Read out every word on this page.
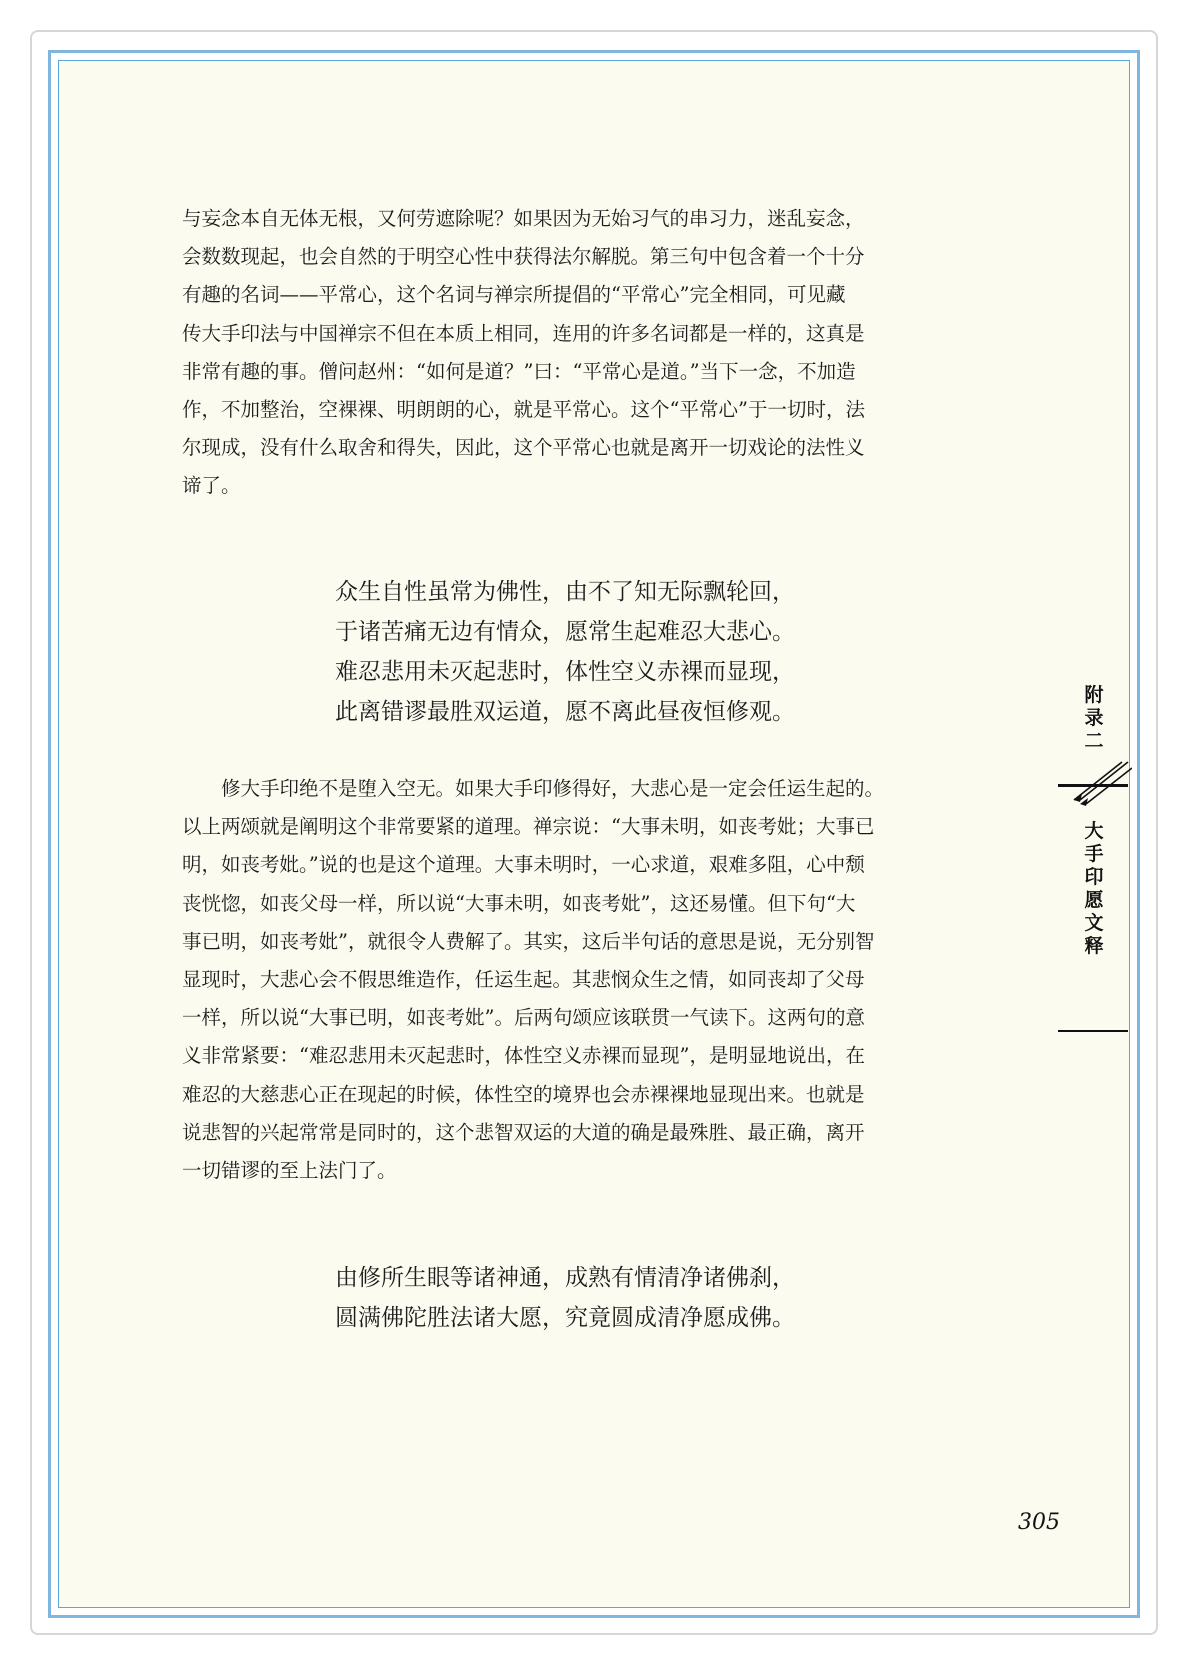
与妄念本自无体无根，又何劳遮除呢？如果因为无始习气的串习力，迷乱妄念，
会数数现起，也会自然的于明空心性中获得法尔解脱。第三句中包含着一个十分
有趣的名词——平常心，这个名词与禅宗所提倡的“平常心”完全相同，可见藏
传大手印法与中国禅宗不但在本质上相同，连用的许多名词都是一样的，这真是
非常有趣的事。僧问赵州：“如何是道？”曰：“平常心是道。”当下一念，不加造
作，不加整治，空裸裸、明朗朗的心，就是平常心。这个“平常心”于一切时，法
尔现成，没有什么取舍和得失，因此，这个平常心也就是离开一切戏论的法性义
谛了。
众生自性虽常为佛性，由不了知无际飘轮回，
于诸苦痛无边有情众，愿常生起难忍大悲心。
难忍悲用未灭起悲时，体性空义赤裸而显现，
此离错谬最胜双运道，愿不离此昼夜恒修观。
　　修大手印绝不是堕入空无。如果大手印修得好，大悲心是一定会任运生起的。
以上两颂就是阐明这个非常要紧的道理。禅宗说：“大事未明，如丧考妣；大事已
明，如丧考妣。”说的也是这个道理。大事未明时，一心求道，艰难多阻，心中颓
丧恍惚，如丧父母一样，所以说“大事未明，如丧考妣”，这还易懂。但下句“大
事已明，如丧考妣”，就很令人费解了。其实，这后半句话的意思是说，无分别智
显现时，大悲心会不假思维造作，任运生起。其悲悯众生之情，如同丧却了父母
一样，所以说“大事已明，如丧考妣”。后两句颂应该联贯一气读下。这两句的意
义非常紧要：“难忍悲用未灭起悲时，体性空义赤裸而显现”，是明显地说出，在
难忍的大慈悲心正在现起的时候，体性空的境界也会赤裸裸地显现出来。也就是
说悲智的兴起常常是同时的，这个悲智双运的大道的确是最殊胜、最正确，离开
一切错谬的至上法门了。
由修所生眼等诸神通，成熟有情清净诸佛刹，
圆满佛陀胜法诸大愿，究竟圆成清净愿成佛。
附
录
二
大
手
印
愿
文
释
305
